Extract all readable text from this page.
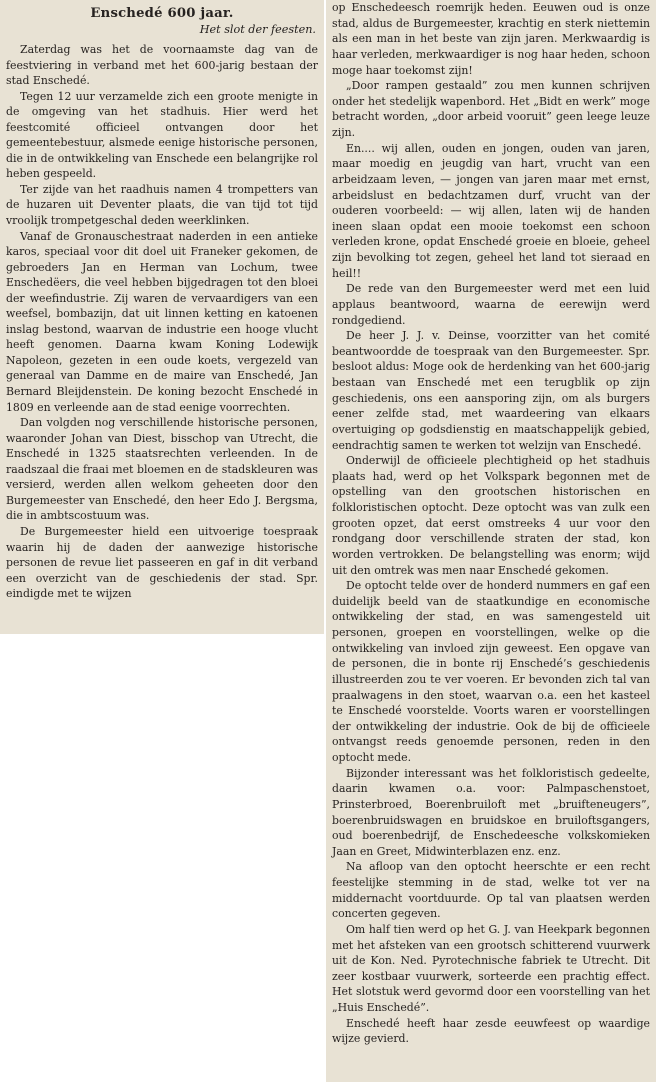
Enschedé 600 jaar.
Het slot der feesten.

Zaterdag was het de voornaamste dag van de feestviering in verband met het 600-jarig bestaan der stad Enschedé.

Tegen 12 uur verzamelde zich een groote menigte in de omgeving van het stadhuis. Hier werd het feestcomité officieel ontvangen door het gemeentebestuur, alsmede eenige historische personen, die in de ontwikkeling van Enschede een belangrijke rol heben gespeeld.

Ter zijde van het raadhuis namen 4 trompetters van de huzaren uit Deventer plaats, die van tijd tot tijd vroolijk trompetgeschal deden weerklinken.

Vanaf de Gronauschestraat naderden in een antieke karos, speciaal voor dit doel uit Franeker gekomen, de gebroeders Jan en Herman van Lochum, twee Enschedëers, die veel hebben bijgedragen tot den bloei der weefindustrie. Zij waren de vervaardigers van een weefsel, bombazijn, dat uit linnen ketting en katoenen inslag bestond, waarvan de industrie een hooge vlucht heeft genomen. Daarna kwam Koning Lodewijk Napoleon, gezeten in een oude koets, vergezeld van generaal van Damme en de maire van Enschedé, Jan Bernard Bleijdenstein. De koning bezocht Enschedé in 1809 en verleende aan de stad eenige voorrechten.

Dan volgden nog verschillende historische personen, waaronder Johan van Diest, bisschop van Utrecht, die Enschedé in 1325 staatsrechten verleenden. In de raadszaal die fraai met bloemen en de stadskleuren was versierd, werden allen welkom geheeten door den Burgemeester van Enschedé, den heer Edo J. Bergsma, die in ambtscostuum was.

De Burgemeester hield een uitvoerige toespraak waarin hij de daden der aanwezige historische personen de revue liet passeeren en gaf in dit verband een overzicht van de geschiedenis der stad. Spr. eindigde met te wijzen

op Enschedeesch roemrijk heden. Eeuwen oud is onze stad, aldus de Burgemeester, krachtig en sterk niettemin als een man in het beste van zijn jaren. Merkwaardig is haar verleden, merkwaardiger is nog haar heden, schoon moge haar toekomst zijn!

„Door rampen gestaald” zou men kunnen schrijven onder het stedelijk wapenbord. Het „Bidt en werk” moge betracht worden, „door arbeid vooruit” geen leege leuze zijn.

En.... wij allen, ouden en jongen, ouden van jaren, maar moedig en jeugdig van hart, vrucht van een arbeidzaam leven, — jongen van jaren maar met ernst, arbeidslust en bedachtzamen durf, vrucht van der ouderen voorbeeld: — wij allen, laten wij de handen ineen slaan opdat een mooie toekomst een schoon verleden krone, opdat Enschedé groeie en bloeie, geheel zijn bevolking tot zegen, geheel het land tot sieraad en heil!!

De rede van den Burgemeester werd met een luid applaus beantwoord, waarna de eerewijn werd rondgediend.

De heer J. J. v. Deinse, voorzitter van het comité beantwoordde de toespraak van den Burgemeester. Spr. besloot aldus: Moge ook de herdenking van het 600-jarig bestaan van Enschedé met een terugblik op zijn geschiedenis, ons een aansporing zijn, om als burgers eener zelfde stad, met waardeering van elkaars overtuiging op godsdienstig en maatschappelijk gebied, eendrachtig samen te werken tot welzijn van Enschedé.

Onderwijl de officieele plechtigheid op het stadhuis plaats had, werd op het Volkspark begonnen met de opstelling van den grootschen historischen en folkloristischen optocht. Deze optocht was van zulk een grooten opzet, dat eerst omstreeks 4 uur voor den rondgang door verschillende straten der stad, kon worden vertrokken. De belangstelling was enorm; wijd uit den omtrek was men naar Enschedé gekomen.

De optocht telde over de honderd nummers en gaf een duidelijk beeld van de staatkundige en economische ontwikkeling der stad, en was samengesteld uit personen, groepen en voorstellingen, welke op die ontwikkeling van invloed zijn geweest. Een opgave van de personen, die in bonte rij Enschedé’s geschiedenis illustreerden zou te ver voeren. Er bevonden zich tal van praalwagens in den stoet, waarvan o.a. een het kasteel te Enschedé voorstelde. Voorts waren er voorstellingen der ontwikkeling der industrie. Ook de bij de officieele ontvangst reeds genoemde personen, reden in den optocht mede.

Bijzonder interessant was het folkloristisch gedeelte, daarin kwamen o.a. voor: Palmpaschenstoet, Prinsterbroed, Boerenbruiloft met „bruifteneugers”, boerenbruidswagen en bruidskoe en bruiloftsgangers, oud boerenbedrijf, de Enschedeesche volkskomieken Jaan en Greet, Midwinterblazen enz. enz.

Na afloop van den optocht heerschte er een recht feestelijke stemming in de stad, welke tot ver na middernacht voortduurde. Op tal van plaatsen werden concerten gegeven.

Om half tien werd op het G. J. van Heekpark begonnen met het afsteken van een grootsch schitterend vuurwerk uit de Kon. Ned. Pyrotechnische fabriek te Utrecht. Dit zeer kostbaar vuurwerk, sorteerde een prachtig effect. Het slotstuk werd gevormd door een voorstelling van het „Huis Enschedé”.

Enschedé heeft haar zesde eeuwfeest op waardige wijze gevierd.
